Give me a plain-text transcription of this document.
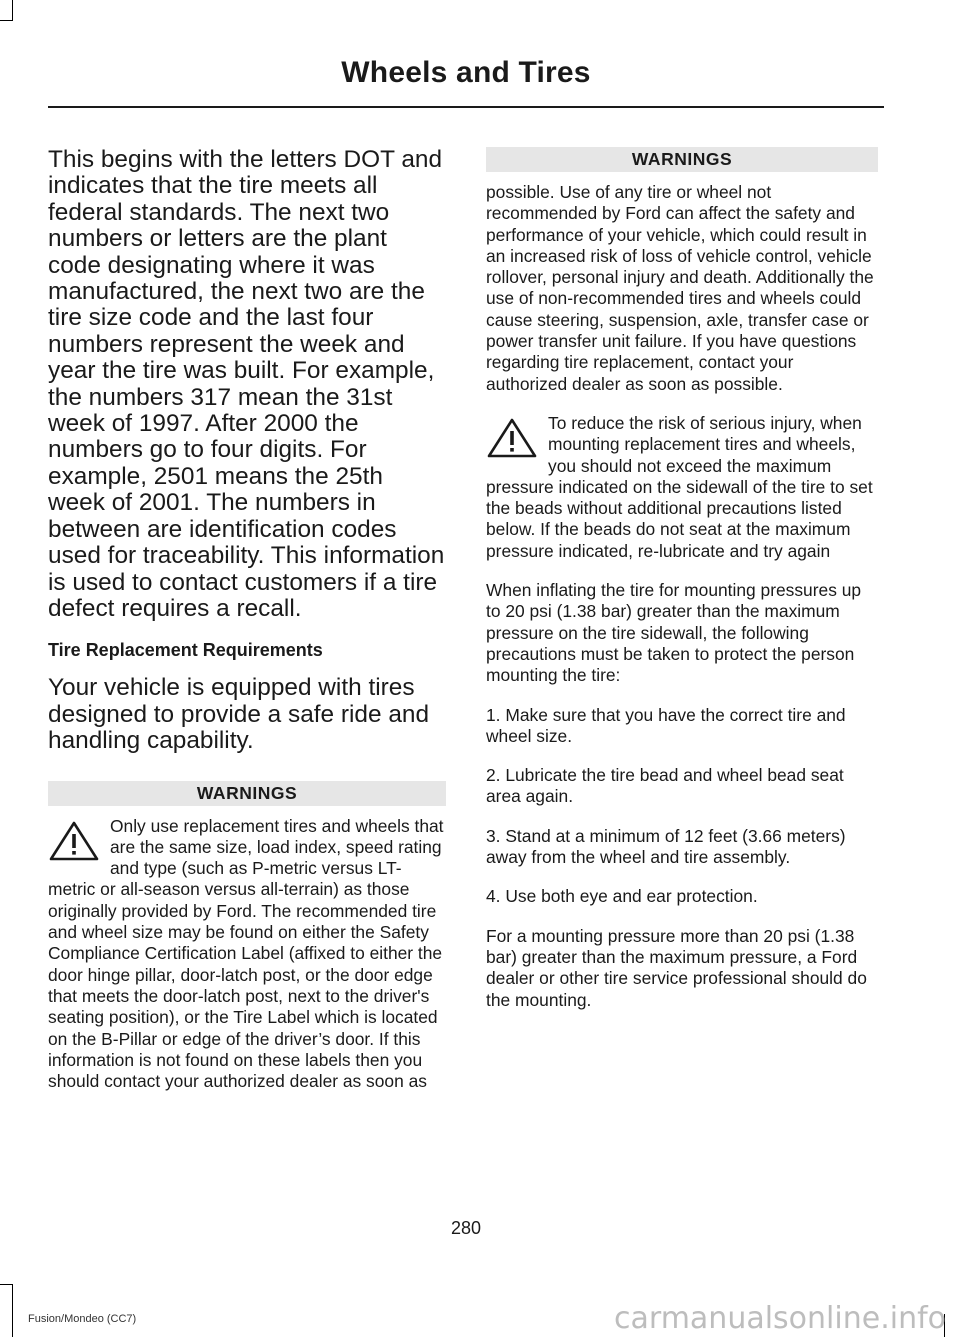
Wheels and Tires

This begins with the letters DOT and indicates that the tire meets all federal standards. The next two numbers or letters are the plant code designating where it was manufactured, the next two are the tire size code and the last four numbers represent the week and year the tire was built. For example, the numbers 317 mean the 31st week of 1997. After 2000 the numbers go to four digits. For example, 2501 means the 25th week of 2001. The numbers in between are identification codes used for traceability. This information is used to contact customers if a tire defect requires a recall.

Tire Replacement Requirements

Your vehicle is equipped with tires designed to provide a safe ride and handling capability.

WARNINGS
Only use replacement tires and wheels that are the same size, load index, speed rating and type (such as P-metric versus LT-metric or all-season versus all-terrain) as those originally provided by Ford. The recommended tire and wheel size may be found on either the Safety Compliance Certification Label (affixed to either the door hinge pillar, door-latch post, or the door edge that meets the door-latch post, next to the driver's seating position), or the Tire Label which is located on the B-Pillar or edge of the driver’s door. If this information is not found on these labels then you should contact your authorized dealer as soon as
WARNINGS

possible. Use of any tire or wheel not recommended by Ford can affect the safety and performance of your vehicle, which could result in an increased risk of loss of vehicle control, vehicle rollover, personal injury and death. Additionally the use of non-recommended tires and wheels could cause steering, suspension, axle, transfer case or power transfer unit failure. If you have questions regarding tire replacement, contact your authorized dealer as soon as possible.

To reduce the risk of serious injury, when mounting replacement tires and wheels, you should not exceed the maximum pressure indicated on the sidewall of the tire to set the beads without additional precautions listed below. If the beads do not seat at the maximum pressure indicated, re-lubricate and try again

When inflating the tire for mounting pressures up to 20 psi (1.38 bar) greater than the maximum pressure on the tire sidewall, the following precautions must be taken to protect the person mounting the tire:

1. Make sure that you have the correct tire and wheel size.

2. Lubricate the tire bead and wheel bead seat area again.

3. Stand at a minimum of 12 feet (3.66 meters) away from the wheel and tire assembly.

4. Use both eye and ear protection.

For a mounting pressure more than 20 psi (1.38 bar) greater than the maximum pressure, a Ford dealer or other tire service professional should do the mounting.

280
Fusion/Mondeo (CC7)	carmanualsonline.info
